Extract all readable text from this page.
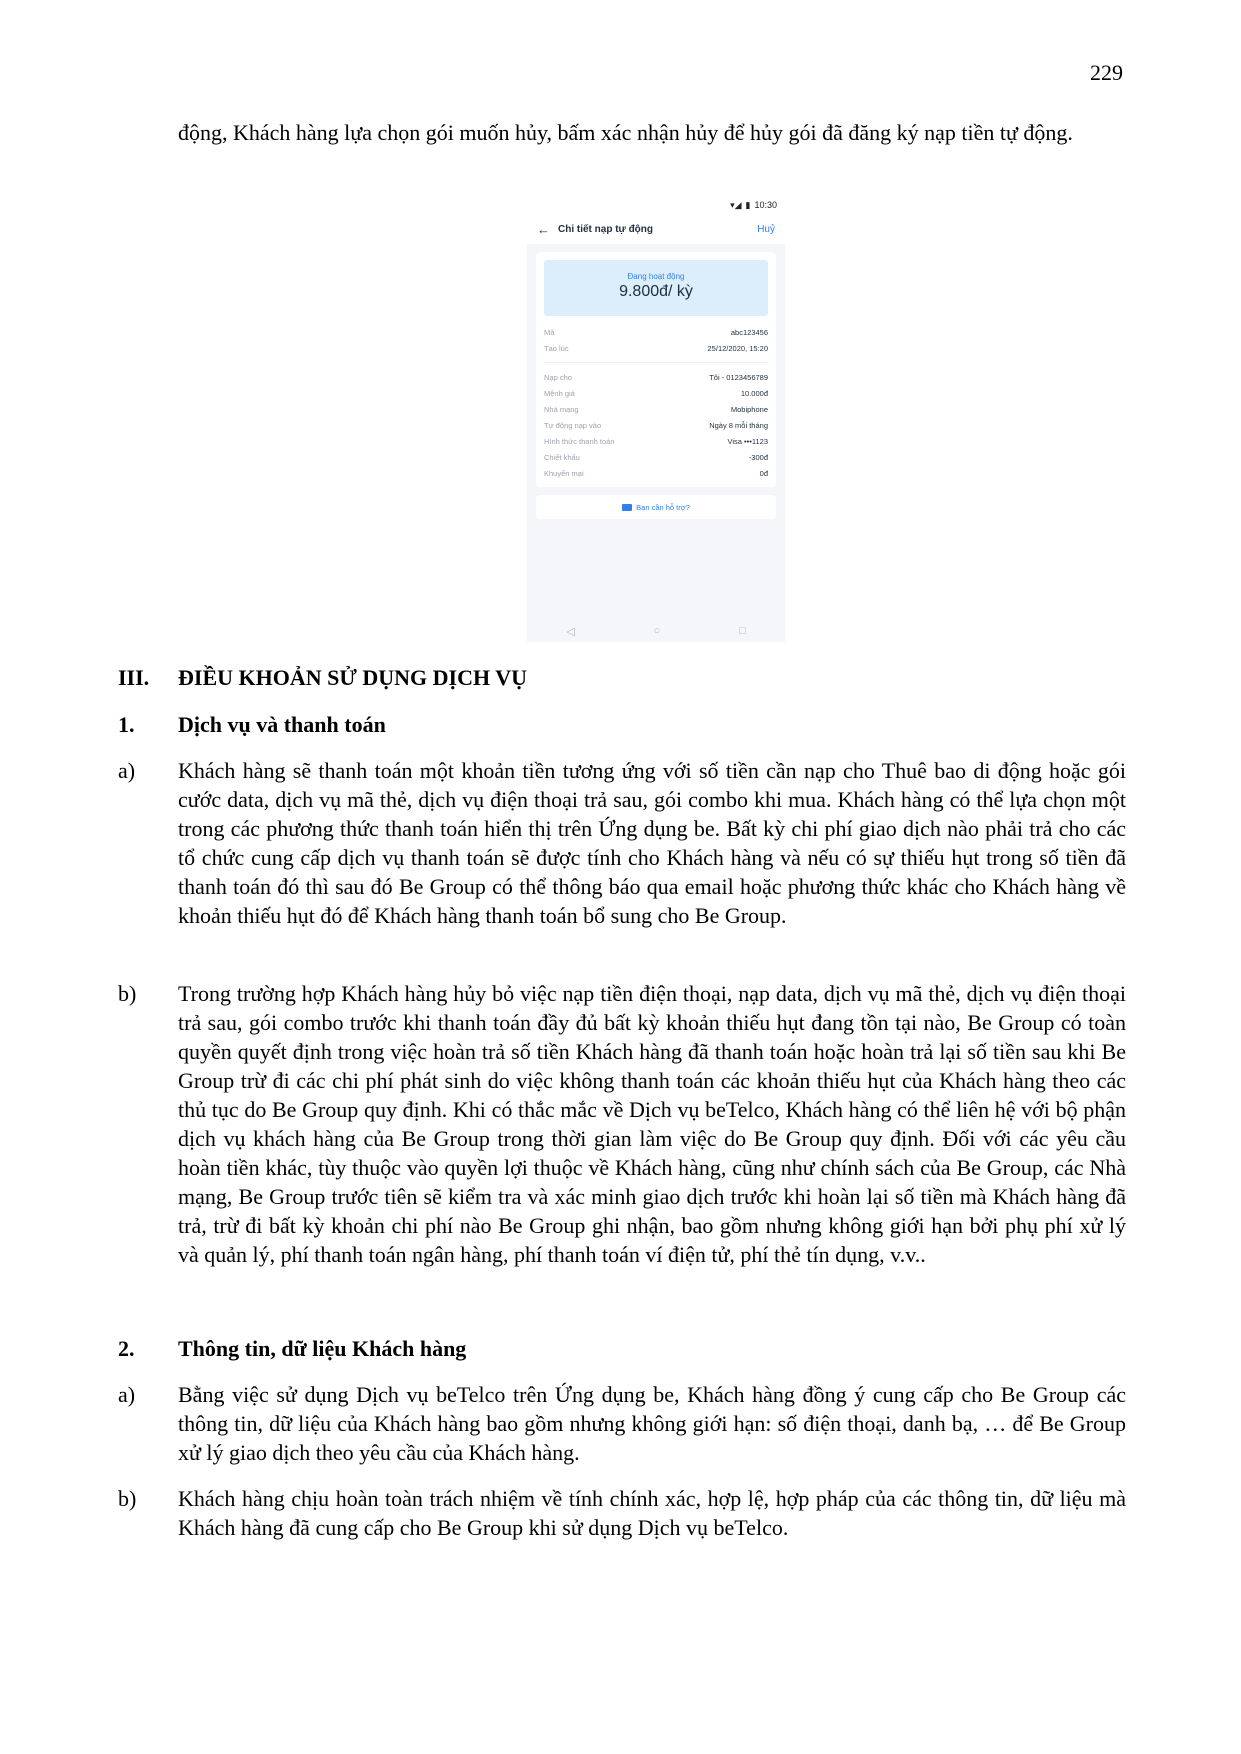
229

động, Khách hàng lựa chọn gói muốn hủy, bấm xác nhận hủy để hủy gói đã đăng ký nạp tiền tự động.

▾◢ ▮ 10:30
← Chi tiết nạp tự động	Huỷ
Đang hoạt động
9.800đ/ kỳ
Mã	abc123456
Tạo lúc	25/12/2020, 15:20
Nạp cho	Tôi - 0123456789
Mệnh giá	10.000đ
Nhà mạng	Mobiphone
Tự động nạp vào	Ngày 8 mỗi tháng
Hình thức thanh toán	Visa •••1123
Chiết khấu	-300đ
Khuyến mại	0đ
Bạn cần hỗ trợ?
◁	○	□
III. ĐIỀU KHOẢN SỬ DỤNG DỊCH VỤ
1. Dịch vụ và thanh toán
a) Khách hàng sẽ thanh toán một khoản tiền tương ứng với số tiền cần nạp cho Thuê bao di động hoặc gói cước data, dịch vụ mã thẻ, dịch vụ điện thoại trả sau, gói combo khi mua. Khách hàng có thể lựa chọn một trong các phương thức thanh toán hiển thị trên Ứng dụng be. Bất kỳ chi phí giao dịch nào phải trả cho các tổ chức cung cấp dịch vụ thanh toán sẽ được tính cho Khách hàng và nếu có sự thiếu hụt trong số tiền đã thanh toán đó thì sau đó Be Group có thể thông báo qua email hoặc phương thức khác cho Khách hàng về khoản thiếu hụt đó để Khách hàng thanh toán bổ sung cho Be Group.
b) Trong trường hợp Khách hàng hủy bỏ việc nạp tiền điện thoại, nạp data, dịch vụ mã thẻ, dịch vụ điện thoại trả sau, gói combo trước khi thanh toán đầy đủ bất kỳ khoản thiếu hụt đang tồn tại nào, Be Group có toàn quyền quyết định trong việc hoàn trả số tiền Khách hàng đã thanh toán hoặc hoàn trả lại số tiền sau khi Be Group trừ đi các chi phí phát sinh do việc không thanh toán các khoản thiếu hụt của Khách hàng theo các thủ tục do Be Group quy định. Khi có thắc mắc về Dịch vụ beTelco, Khách hàng có thể liên hệ với bộ phận dịch vụ khách hàng của Be Group trong thời gian làm việc do Be Group quy định. Đối với các yêu cầu hoàn tiền khác, tùy thuộc vào quyền lợi thuộc về Khách hàng, cũng như chính sách của Be Group, các Nhà mạng, Be Group trước tiên sẽ kiểm tra và xác minh giao dịch trước khi hoàn lại số tiền mà Khách hàng đã trả, trừ đi bất kỳ khoản chi phí nào Be Group ghi nhận, bao gồm nhưng không giới hạn bởi phụ phí xử lý và quản lý, phí thanh toán ngân hàng, phí thanh toán ví điện tử, phí thẻ tín dụng, v.v..
2. Thông tin, dữ liệu Khách hàng
a) Bằng việc sử dụng Dịch vụ beTelco trên Ứng dụng be, Khách hàng đồng ý cung cấp cho Be Group các thông tin, dữ liệu của Khách hàng bao gồm nhưng không giới hạn: số điện thoại, danh bạ, … để Be Group xử lý giao dịch theo yêu cầu của Khách hàng.
b) Khách hàng chịu hoàn toàn trách nhiệm về tính chính xác, hợp lệ, hợp pháp của các thông tin, dữ liệu mà Khách hàng đã cung cấp cho Be Group khi sử dụng Dịch vụ beTelco.
